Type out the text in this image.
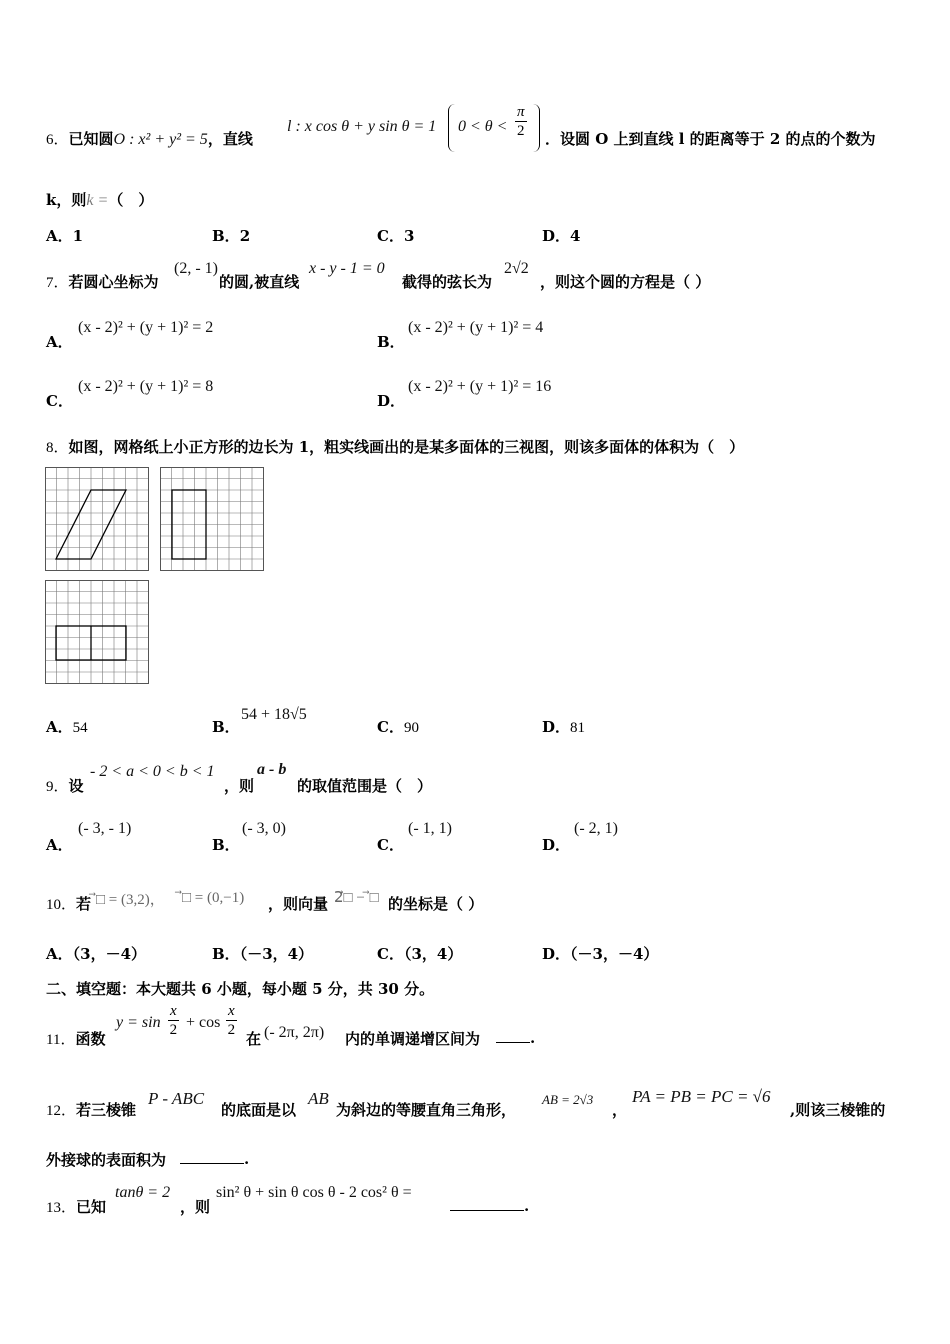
6．已知圆O : x² + y² = 5，直线
l : x cos θ + y sin θ = 1 $0 < \theta < \frac{\pi}{2}$ ．设圆 O 上到直线 l 的距离等于 2 的点的个数为
k，则k =（　）
A．1	B．2	C．3	D．4
7．若圆心坐标为
(2, - 1)
的圆,被直线
x - y - 1 = 0
截得的弦长为
2√2
，则这个圆的方程是（ ）
A．
(x - 2)² + (y + 1)² = 2
B．
(x - 2)² + (y + 1)² = 4
C．
(x - 2)² + (y + 1)² = 8
D．
(x - 2)² + (y + 1)² = 16
8．如图，网格纸上小正方形的边长为 1，粗实线画出的是某多面体的三视图，则该多面体的体积为（　）
A．54	B．
54 + 18√5
C．90	D．81
9．设
- 2 < a < 0 < b < 1
，则
a - b
的取值范围是（　）
A．
(- 3, - 1)
B．
(- 3, 0)
C．
(- 1, 1)
D．
(- 2, 1)
10．若 ⃗□ = (3,2)， ⃗□ = (0,−1) ，则向量 2⃗□ − ⃗□ 的坐标是（ ）
A．（3，－4）	B．（－3，4）	C．（3，4）	D．（－3，－4）
二、填空题：本大题共 6 小题，每小题 5 分，共 30 分。
11．函数
$y = \sin \frac{x}{2} + \cos \frac{x}{2}$ 在 (- 2π, 2π) 内的单调递增区间为	.
12．若三棱锥
P - ABC
的底面是以
AB
为斜边的等腰直角三角形，
AB = 2√3
，
PA = PB = PC = √6
,则该三棱锥的
外接球的表面积为	.
13．已知
tanθ = 2
，则
sin² θ + sin θ cos θ - 2 cos² θ =
.
